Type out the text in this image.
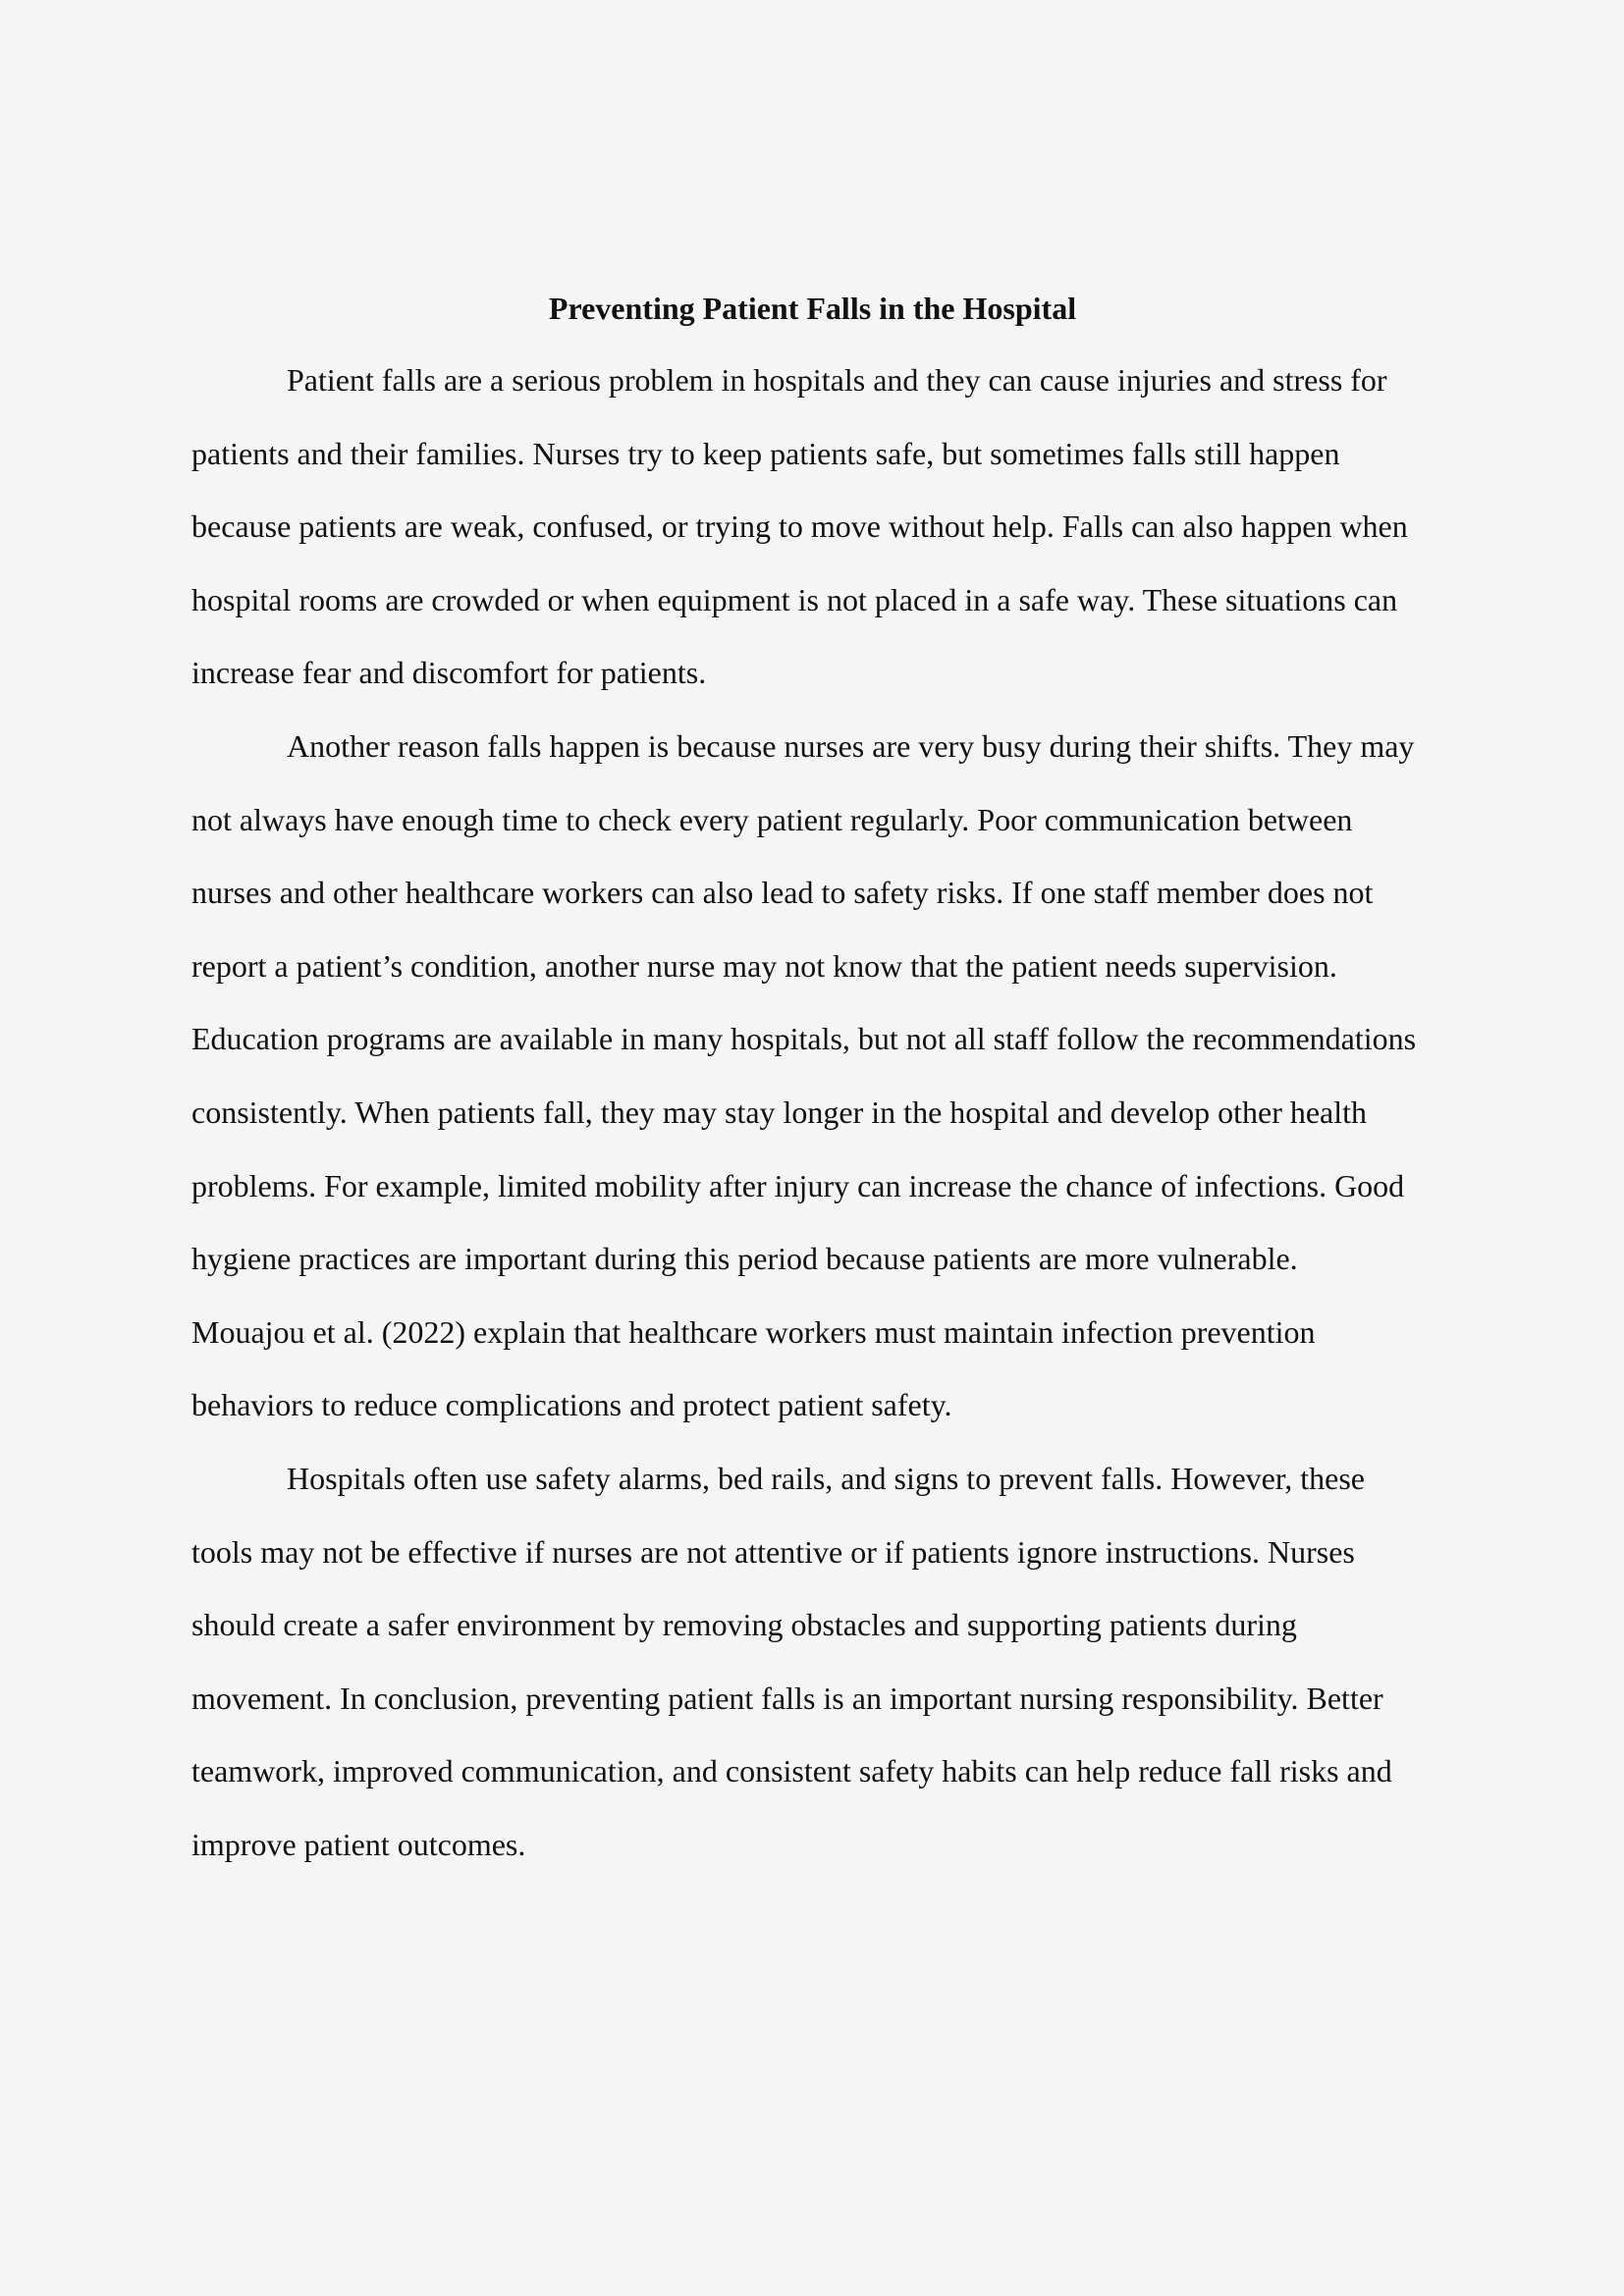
Preventing Patient Falls in the Hospital

Patient falls are a serious problem in hospitals and they can cause injuries and stress for
patients and their families. Nurses try to keep patients safe, but sometimes falls still happen
because patients are weak, confused, or trying to move without help. Falls can also happen when
hospital rooms are crowded or when equipment is not placed in a safe way. These situations can
increase fear and discomfort for patients.

Another reason falls happen is because nurses are very busy during their shifts. They may
not always have enough time to check every patient regularly. Poor communication between
nurses and other healthcare workers can also lead to safety risks. If one staff member does not
report a patient’s condition, another nurse may not know that the patient needs supervision.
Education programs are available in many hospitals, but not all staff follow the recommendations
consistently. When patients fall, they may stay longer in the hospital and develop other health
problems. For example, limited mobility after injury can increase the chance of infections. Good
hygiene practices are important during this period because patients are more vulnerable.
Mouajou et al. (2022) explain that healthcare workers must maintain infection prevention
behaviors to reduce complications and protect patient safety.

Hospitals often use safety alarms, bed rails, and signs to prevent falls. However, these
tools may not be effective if nurses are not attentive or if patients ignore instructions. Nurses
should create a safer environment by removing obstacles and supporting patients during
movement. In conclusion, preventing patient falls is an important nursing responsibility. Better
teamwork, improved communication, and consistent safety habits can help reduce fall risks and
improve patient outcomes.
